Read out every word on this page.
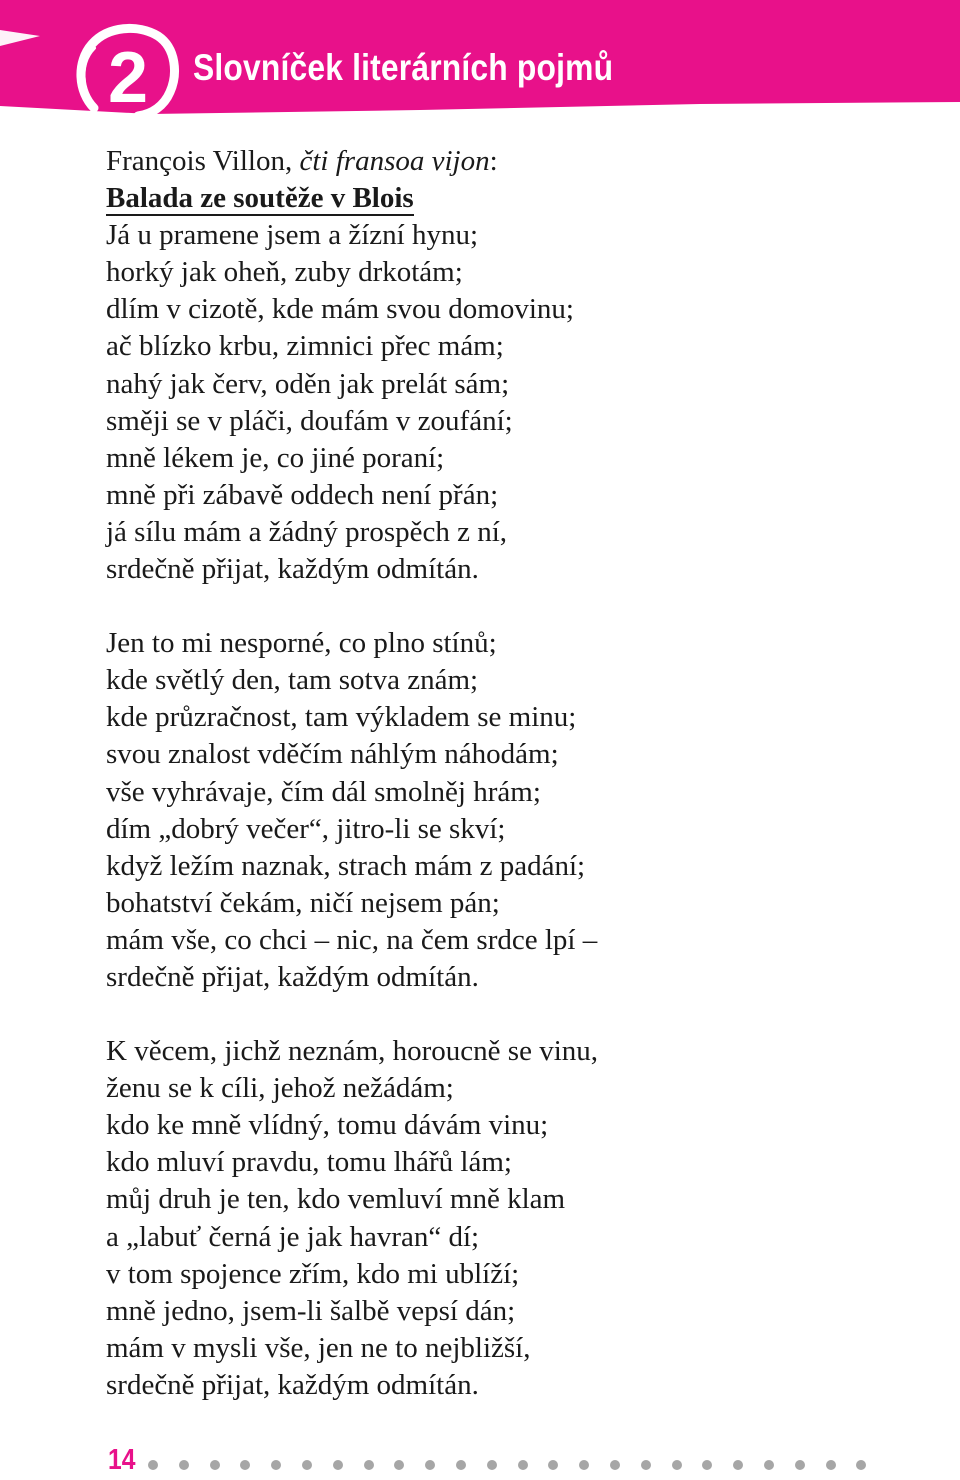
2 Slovníček literárních pojmů
François Villon, čti fransoa vijon:
Balada ze soutěže v Blois
Já u pramene jsem a žízní hynu;
horký jak oheň, zuby drkotám;
dlím v cizotě, kde mám svou domovinu;
ač blízko krbu, zimnici přec mám;
nahý jak červ, oděn jak prelát sám;
směji se v pláči, doufám v zoufání;
mně lékem je, co jiné poraní;
mně při zábavě oddech není přán;
já sílu mám a žádný prospěch z ní,
srdečně přijat, každým odmítán.
Jen to mi nesporné, co plno stínů;
kde světlý den, tam sotva znám;
kde průzračnost, tam výkladem se minu;
svou znalost vděčím náhlým náhodám;
vše vyhrávaje, čím dál smolněj hrám;
dím „dobrý večer“, jitro-li se skví;
když ležím naznak, strach mám z padání;
bohatství čekám, ničí nejsem pán;
mám vše, co chci – nic, na čem srdce lpí –
srdečně přijat, každým odmítán.
K věcem, jichž neznám, horoucně se vinu,
ženu se k cíli, jehož nežádám;
kdo ke mně vlídný, tomu dávám vinu;
kdo mluví pravdu, tomu lhářů lám;
můj druh je ten, kdo vemluví mně klam
a „labuť černá je jak havran“ dí;
v tom spojence zřím, kdo mi ublíží;
mně jedno, jsem-li šalbě vepsí dán;
mám v mysli vše, jen ne to nejbližší,
srdečně přijat, každým odmítán.
14
